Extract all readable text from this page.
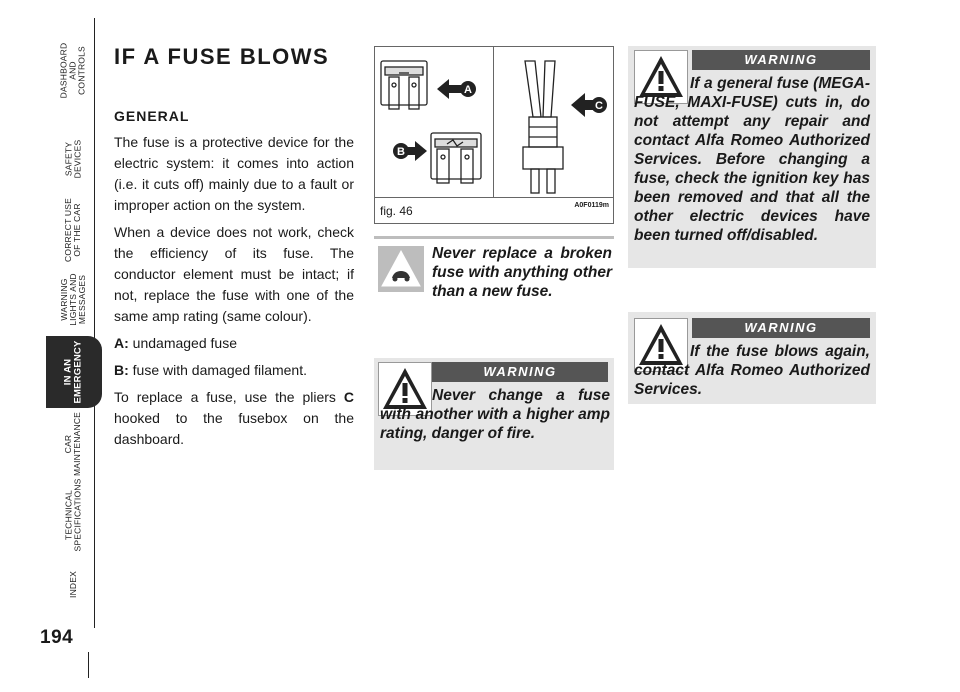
DASHBOARD
AND
CONTROLS
SAFETY
DEVICES
CORRECT USE
OF THE CAR
WARNING
LIGHTS AND
MESSAGES
IN AN
EMERGENCY
CAR
MAINTENANCE
TECHNICAL
SPECIFICATIONS
INDEX
194
IF A FUSE BLOWS
GENERAL

The fuse is a protective device for the electric system: it comes into action (i.e. it cuts off) mainly due to a fault or improper action on the system.

When a device does not work, check the efficiency of its fuse. The conductor element must be intact; if not, replace the fuse with one of the same amp rating (same colour).

A: undamaged fuse

B: fuse with damaged filament.

To replace a fuse, use the pliers C hooked to the fusebox on the dashboard.

A
B
C
fig. 46	A0F0119m
Never replace a broken fuse with anything other than a new fuse.
WARNING
Never change a fuse with another with a higher amp rating, danger of fire.
WARNING
If a general fuse (MEGA-FUSE, MAXI-FUSE) cuts in, do not attempt any repair and contact Alfa Romeo Authorized Services. Before changing a fuse, check the ignition key has been removed and that all the other electric devices have been turned off/disabled.
WARNING
If the fuse blows again, contact Alfa Romeo Authorized Services.
